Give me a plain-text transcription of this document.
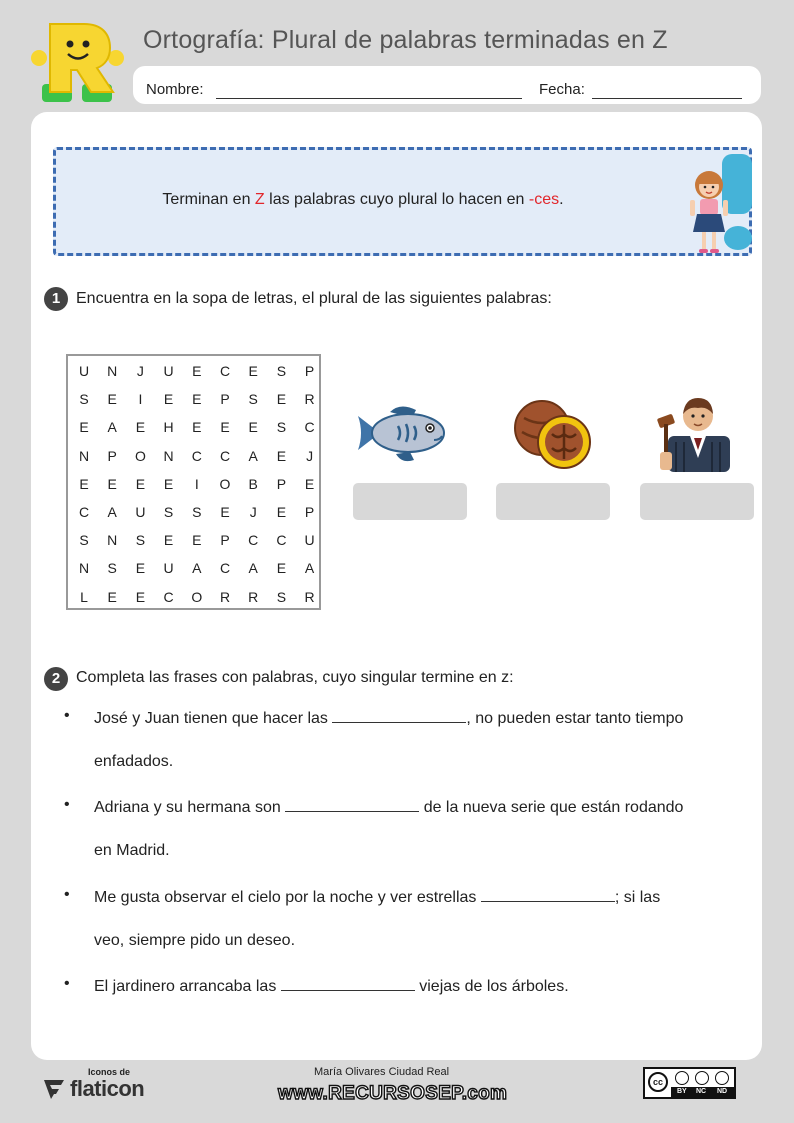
R
Ortografía: Plural de palabras terminadas en Z
Nombre:	Fecha:
Terminan en Z las palabras cuyo plural lo hacen en -ces.
1 Encuentra en la sopa de letras, el plural de las siguientes palabras:
U	N	J	U	E	C	E	S	P
S	E	I	E	E	P	S	E	R
E	A	E	H	E	E	E	S	C
N	P	O	N	C	C	A	E	J
E	E	E	E	I	O	B	P	E
C	A	U	S	S	E	J	E	P
S	N	S	E	E	P	C	C	U
N	S	E	U	A	C	A	E	A
L	E	E	C	O	R	R	S	R
2 Completa las frases con palabras, cuyo singular termine en z:
• José y Juan tienen que hacer las	, no pueden estar tanto tiempo
enfadados.
• Adriana y su hermana son	de la nueva serie que están rodando
en Madrid.
• Me gusta observar el cielo por la noche y ver estrellas	; si las
veo, siempre pido un deseo.
• El jardinero arrancaba las	viejas de los árboles.
Iconos de
flaticon
María Olivares Ciudad Real
www.RECURSOSEP.com
cc
BY NC ND
